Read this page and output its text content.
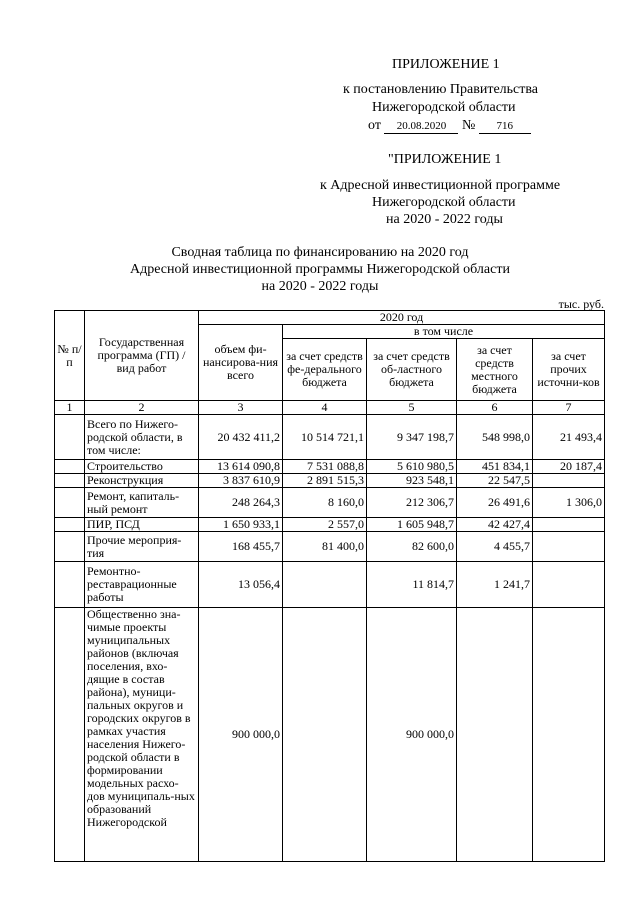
ПРИЛОЖЕНИЕ 1
к постановлению Правительства
Нижегородской области
от 20.08.2020 № 716
"ПРИЛОЖЕНИЕ 1
к Адресной инвестиционной программе
Нижегородской области
на 2020 - 2022 годы
Сводная таблица по финансированию на 2020 год
Адресной инвестиционной программы Нижегородской области
на 2020 - 2022 годы
тыс. руб.
№ п/п	Государственная программа (ГП) / вид работ	2020 год				
		объем фи-нансирова-ния всего	в том числе			
			за счет средств фе-дерального бюджета	за счет средств об-ластного бюджета	за счет средств местного бюджета	за счет прочих источни-ков
1	2	3	4	5	6	7
	Всего по Нижего-родской области, в том числе:	20 432 411,2	10 514 721,1	9 347 198,7	548 998,0	21 493,4
	Строительство	13 614 090,8	7 531 088,8	5 610 980,5	451 834,1	20 187,4
	Реконструкция	3 837 610,9	2 891 515,3	923 548,1	22 547,5	
	Ремонт, капиталь-ный ремонт	248 264,3	8 160,0	212 306,7	26 491,6	1 306,0
	ПИР, ПСД	1 650 933,1	2 557,0	1 605 948,7	42 427,4	
	Прочие мероприя-тия	168 455,7	81 400,0	82 600,0	4 455,7	
	Ремонтно-реставрационные работы	13 056,4		11 814,7	1 241,7	
	Общественно зна-чимые проекты муниципальных районов (включая поселения, вхо-дящие в состав района), муници-пальных округов и городских округов в рамках участия населения Нижего-родской области в формировании модельных расхо-дов муниципаль-ных образований Нижегородской	900 000,0		900 000,0		
